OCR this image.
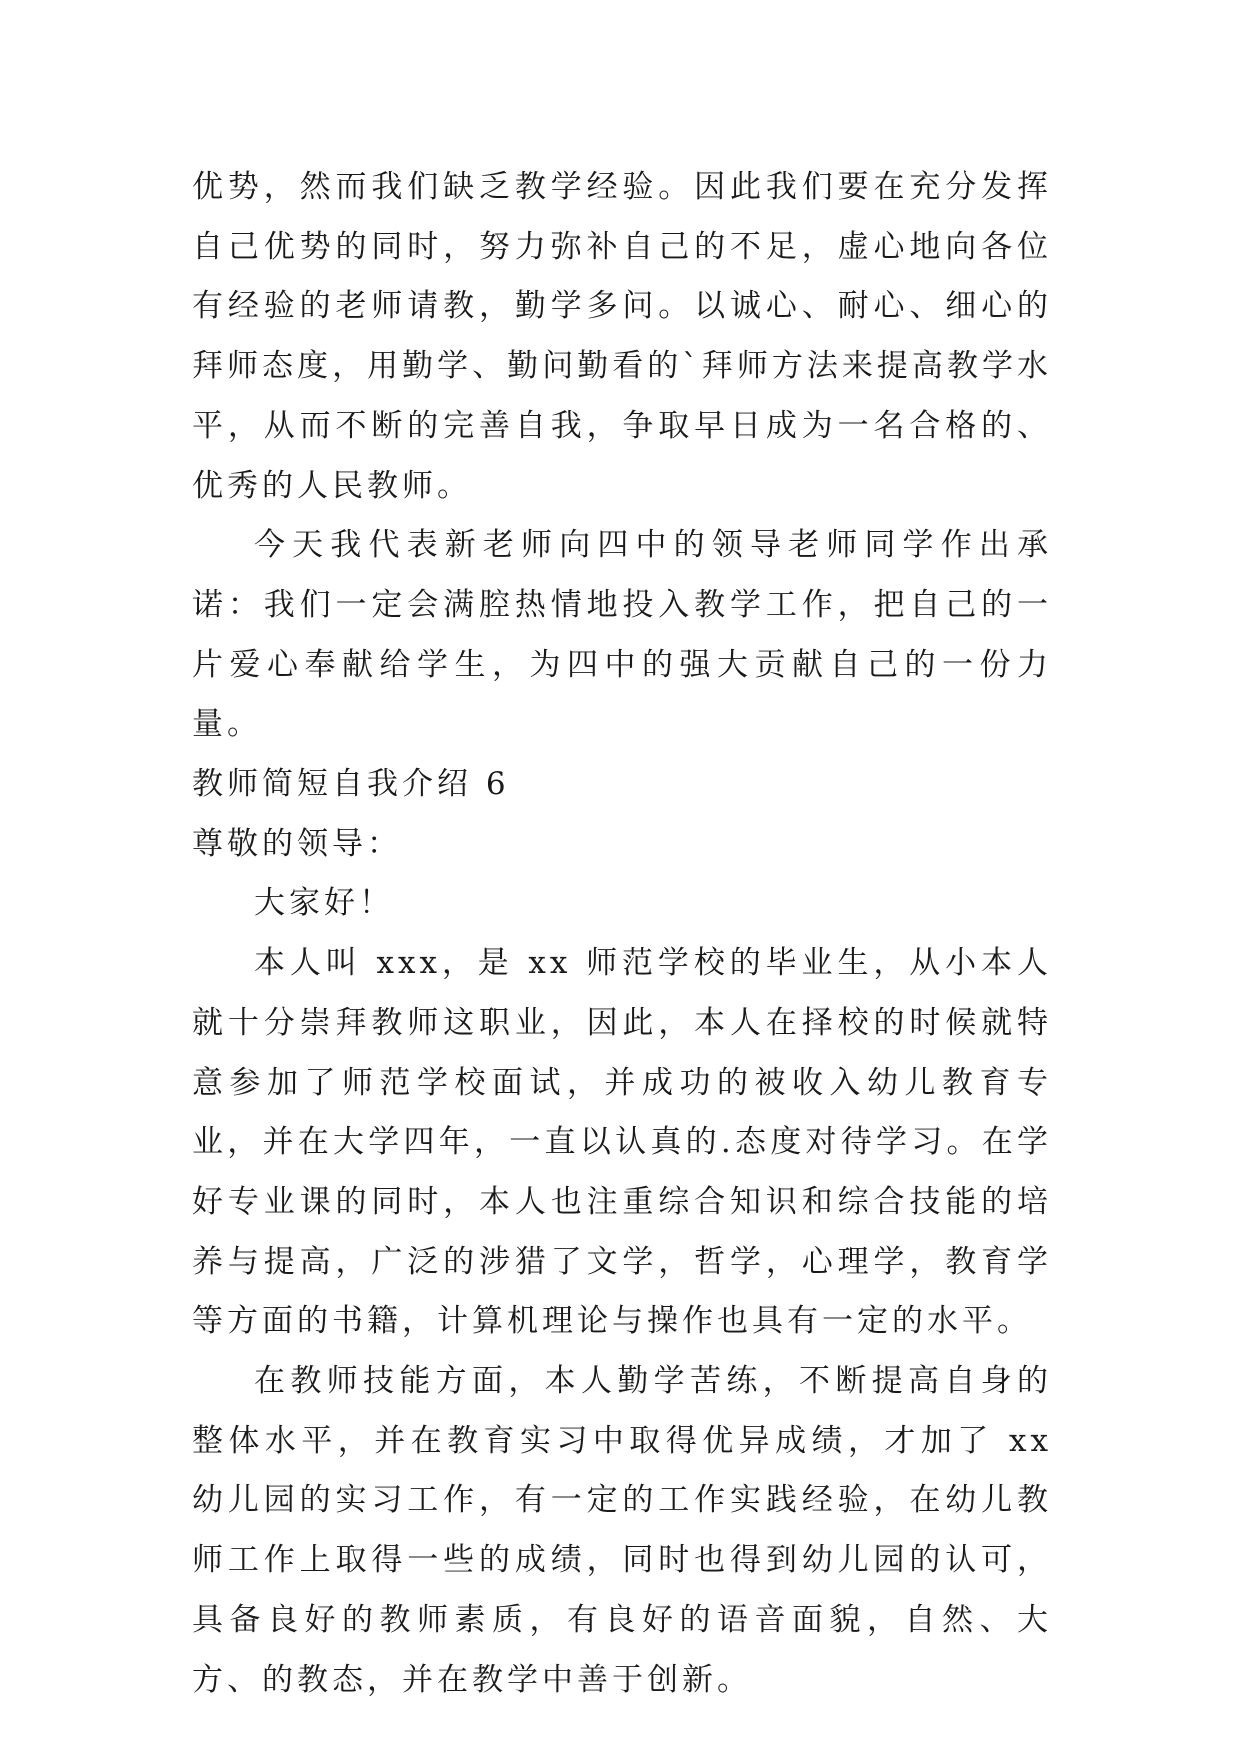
优势，然而我们缺乏教学经验。因此我们要在充分发挥自己优势的同时，努力弥补自己的不足，虚心地向各位有经验的老师请教，勤学多问。以诚心、耐心、细心的拜师态度，用勤学、勤问勤看的`拜师方法来提高教学水平，从而不断的完善自我，争取早日成为一名合格的、优秀的人民教师。

今天我代表新老师向四中的领导老师同学作出承诺：我们一定会满腔热情地投入教学工作，把自己的一片爱心奉献给学生，为四中的强大贡献自己的一份力量。

教师简短自我介绍 6

尊敬的领导：

大家好！

本人叫 xxx，是 xx 师范学校的毕业生，从小本人就十分崇拜教师这职业，因此，本人在择校的时候就特意参加了师范学校面试，并成功的被收入幼儿教育专业，并在大学四年，一直以认真的.态度对待学习。在学好专业课的同时，本人也注重综合知识和综合技能的培养与提高，广泛的涉猎了文学，哲学，心理学，教育学等方面的书籍，计算机理论与操作也具有一定的水平。

在教师技能方面，本人勤学苦练，不断提高自身的整体水平，并在教育实习中取得优异成绩，才加了 xx 幼儿园的实习工作，有一定的工作实践经验，在幼儿教师工作上取得一些的成绩，同时也得到幼儿园的认可，具备良好的教师素质，有良好的语音面貌，自然、大方、的教态，并在教学中善于创新。
